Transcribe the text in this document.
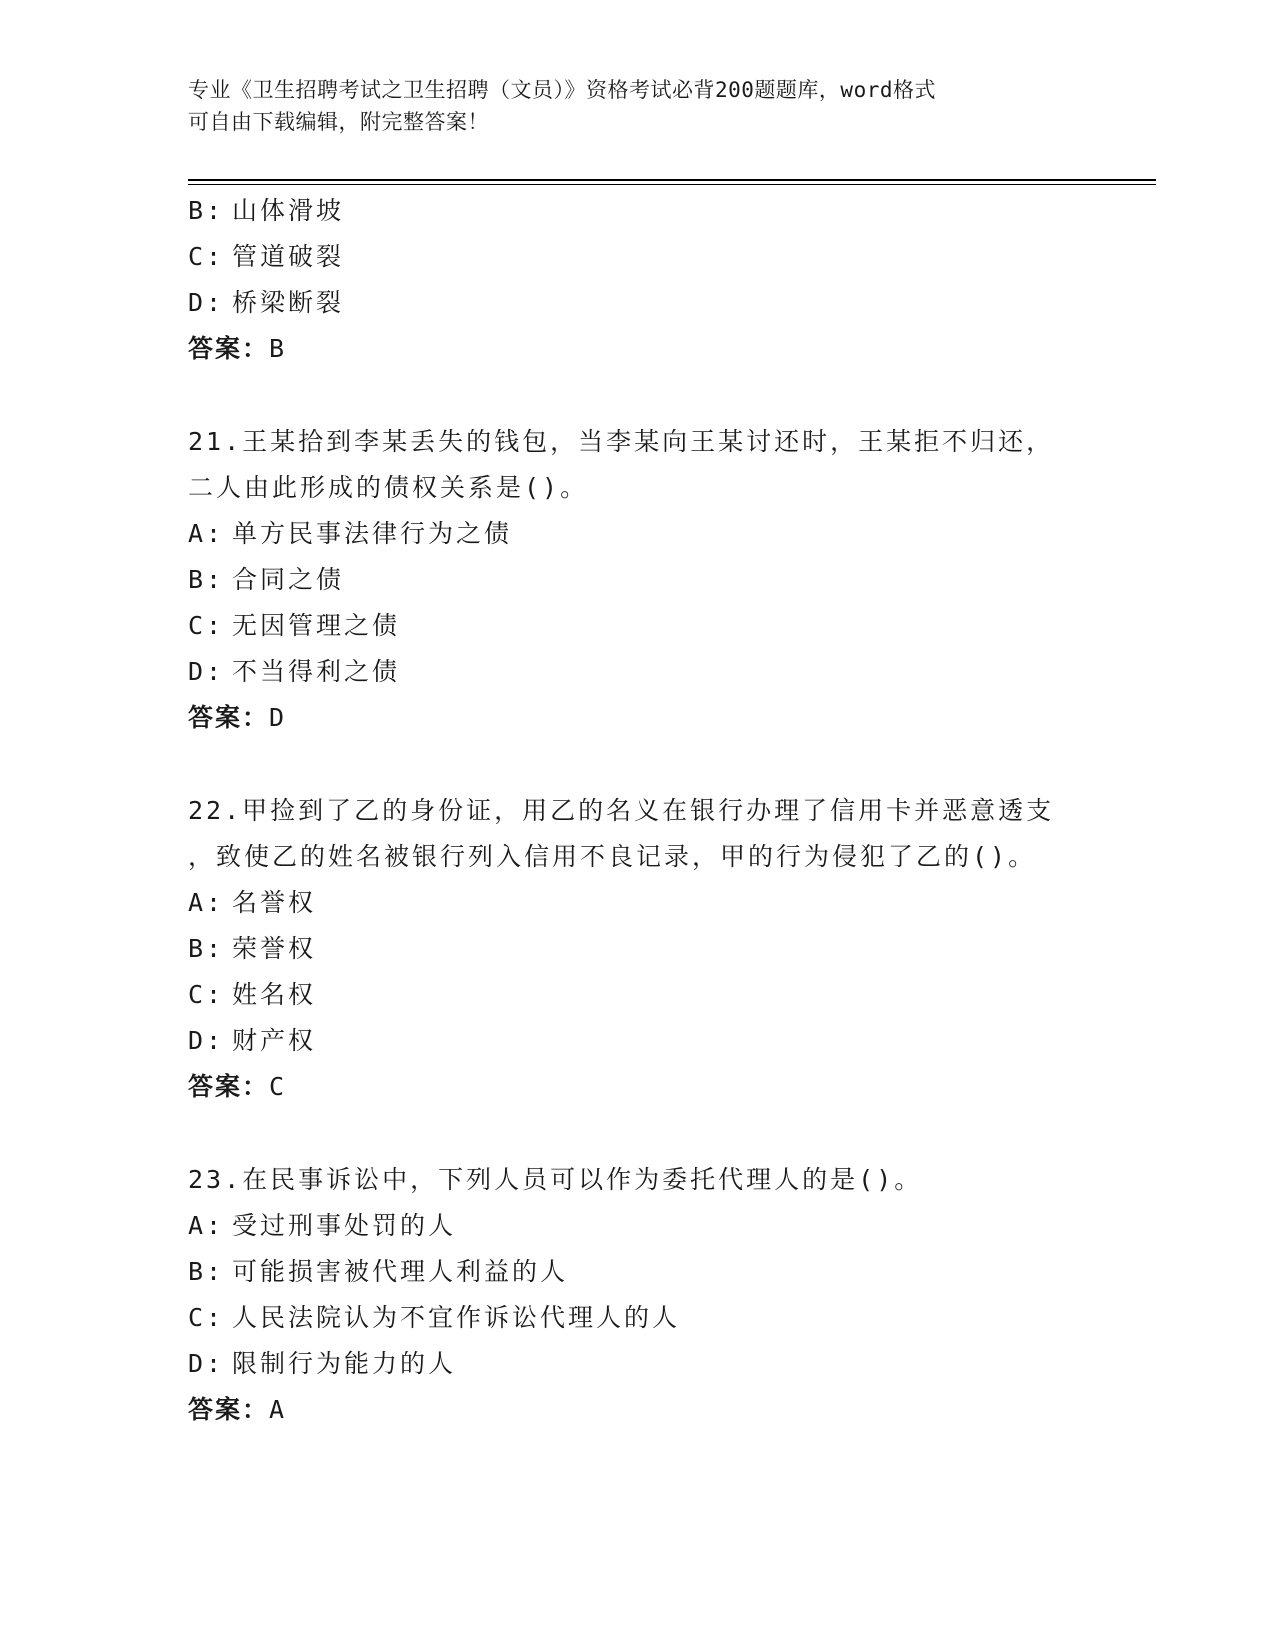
专业《卫生招聘考试之卫生招聘（文员）》资格考试必背200题题库，word格式
可自由下载编辑，附完整答案！
B: 山体滑坡
C: 管道破裂
D: 桥梁断裂
答案：B
21.王某拾到李某丢失的钱包，当李某向王某讨还时，王某拒不归还，
二人由此形成的债权关系是()。
A: 单方民事法律行为之债
B: 合同之债
C: 无因管理之债
D: 不当得利之债
答案：D
22.甲捡到了乙的身份证，用乙的名义在银行办理了信用卡并恶意透支
，致使乙的姓名被银行列入信用不良记录，甲的行为侵犯了乙的()。
A: 名誉权
B: 荣誉权
C: 姓名权
D: 财产权
答案：C
23.在民事诉讼中，下列人员可以作为委托代理人的是()。
A: 受过刑事处罚的人
B: 可能损害被代理人利益的人
C: 人民法院认为不宜作诉讼代理人的人
D: 限制行为能力的人
答案：A
